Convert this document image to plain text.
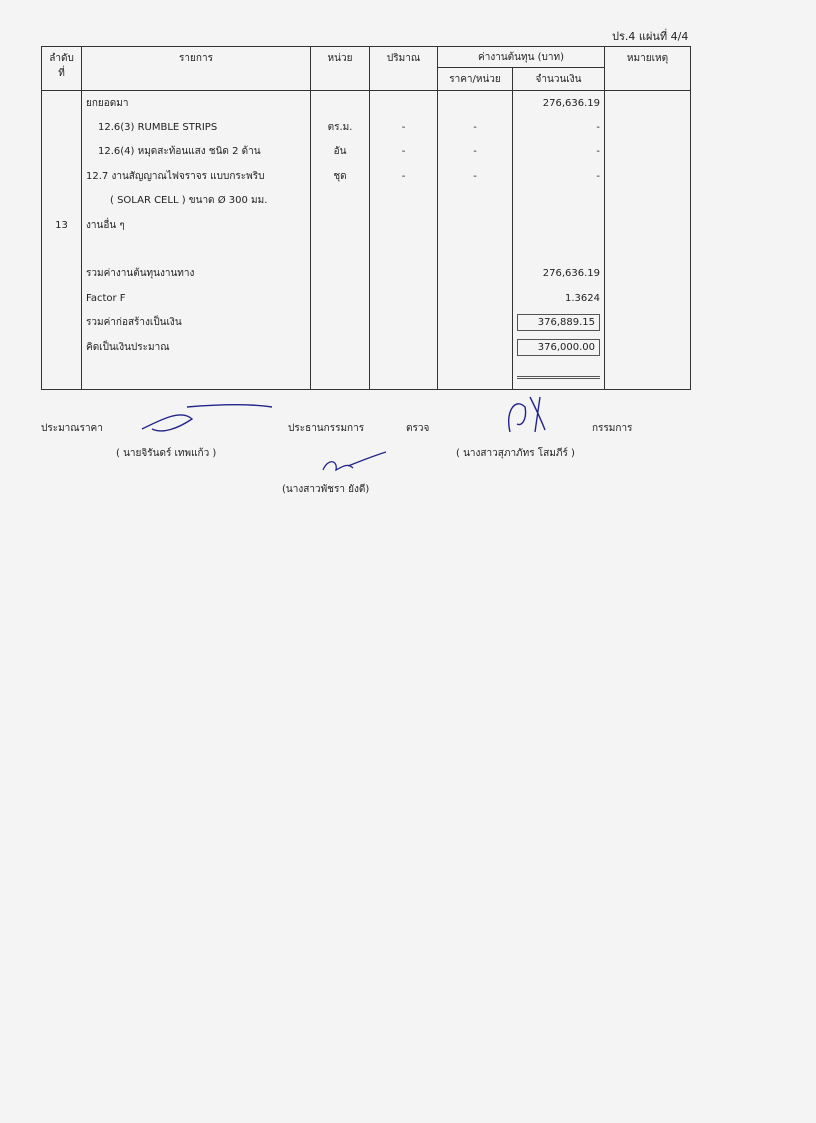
ปร.4 แผ่นที่ 4/4
ลำดับที่	รายการ	หน่วย	ปริมาณ	ค่างานต้นทุน (บาท)		หมายเหตุ
				ราคา/หน่วย	จำนวนเงิน	
	ยกยอดมา				276,636.19	
	12.6(3) RUMBLE STRIPS	ตร.ม.	-	-	-	
	12.6(4) หมุดสะท้อนแสง ชนิด 2 ด้าน	อัน	-	-	-	
	12.7 งานสัญญาณไฟจราจร แบบกระพริบ	ชุด	-	-	-	
	( SOLAR CELL ) ขนาด Ø 300 มม.					
13	งานอื่น ๆ					

	รวมค่างานต้นทุนงานทาง				276,636.19	
	Factor F				1.3624	
	รวมค่าก่อสร้างเป็นเงิน				376,889.15	

	คิดเป็นเงินประมาณ				376,000.00	

ประมาณราคา
( นายจิรันดร์ เทพแก้ว )
ประธานกรรมการ	ตรวจ	กรรมการ
( นางสาวสุภาภัทร โสมภีร์ )
(นางสาวพัชรา ยังดี)
